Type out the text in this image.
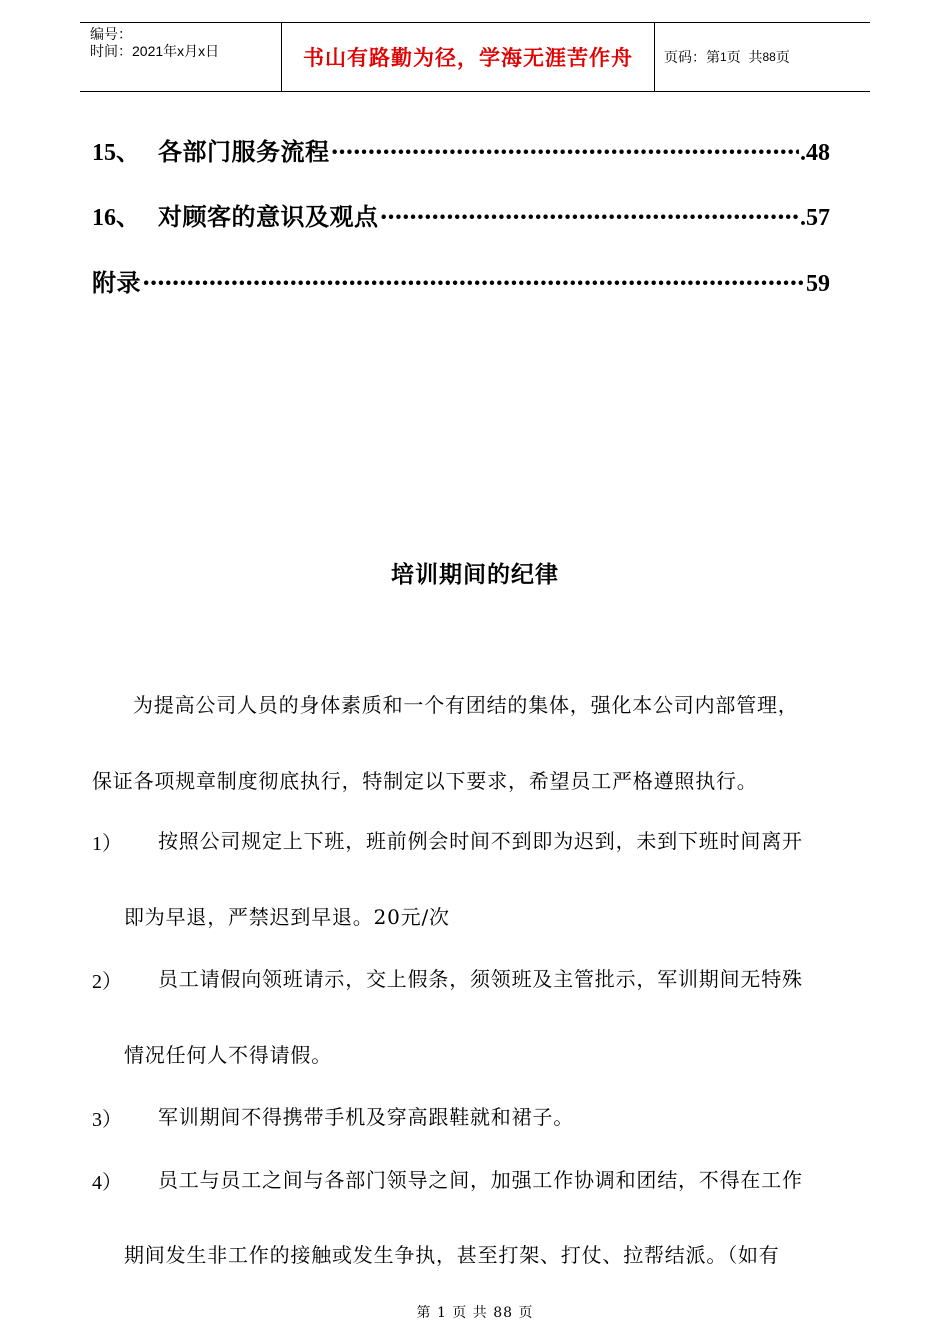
编号：
时间：2021年x月x日	书山有路勤为径，学海无涯苦作舟	页码：第 1 页  共 88 页
15、 各部门服务流程 ·····	.48
16、 对顾客的意识及观点 ·····	.57
附录 ·····	59
培训期间的纪律
为提高公司人员的身体素质和一个有团结的集体，强化本公司内部管理，
保证各项规章制度彻底执行，特制定以下要求，希望员工严格遵照执行。
1） 按照公司规定上下班，班前例会时间不到即为迟到，未到下班时间离开
即为早退，严禁迟到早退。20元/次
2） 员工请假向领班请示，交上假条，须领班及主管批示，军训期间无特殊
情况任何人不得请假。
3） 军训期间不得携带手机及穿高跟鞋就和裙子。
4） 员工与员工之间与各部门领导之间，加强工作协调和团结，不得在工作
期间发生非工作的接触或发生争执，甚至打架、打仗、拉帮结派。（如有
第 1 页 共 88 页
